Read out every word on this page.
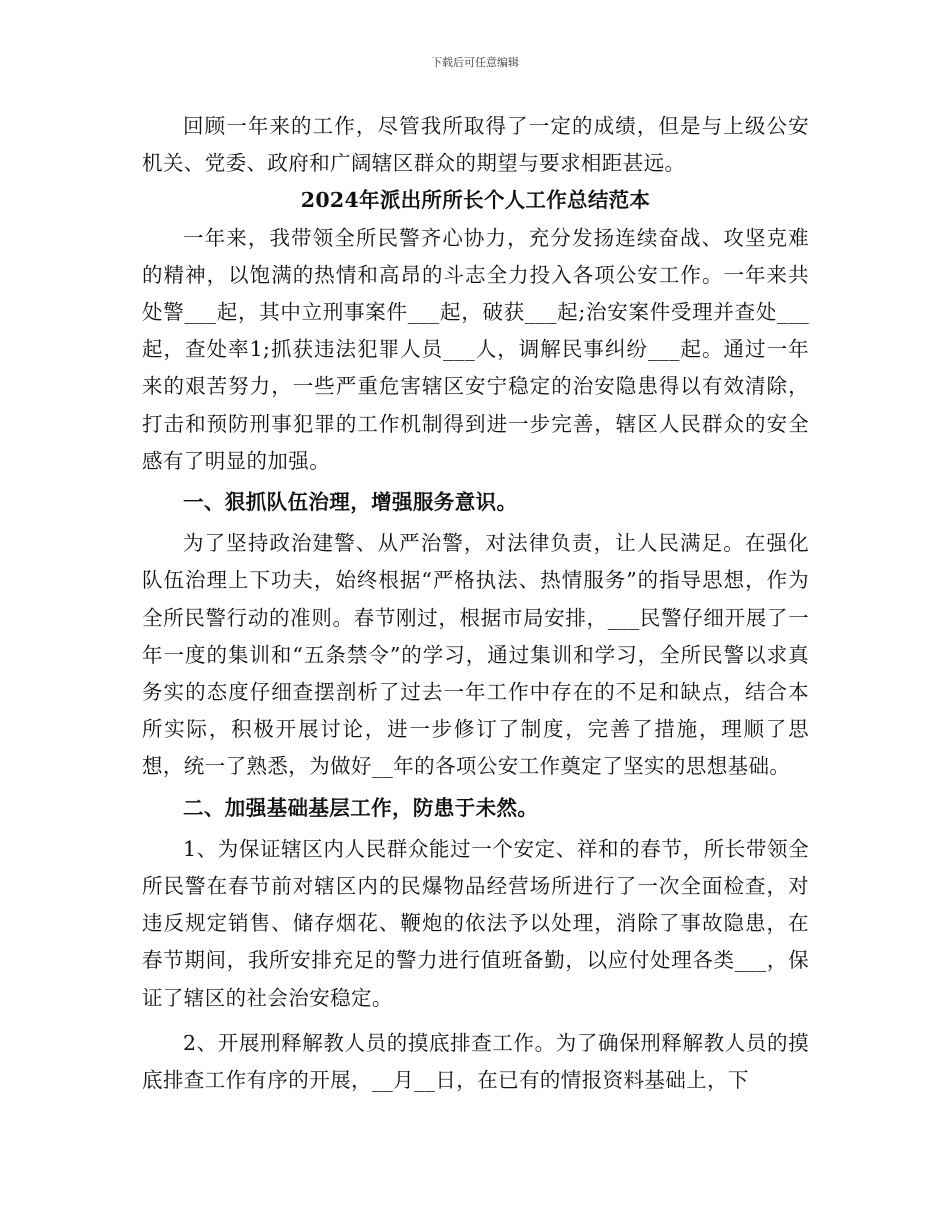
下载后可任意编辑

回顾一年来的工作，尽管我所取得了一定的成绩，但是与上级公安机关、党委、政府和广阔辖区群众的期望与要求相距甚远。

2024年派出所所长个人工作总结范本

一年来，我带领全所民警齐心协力，充分发扬连续奋战、攻坚克难的精神，以饱满的热情和高昂的斗志全力投入各项公安工作。一年来共处警___起，其中立刑事案件___起，破获___起;治安案件受理并查处___起，查处率1;抓获违法犯罪人员___人，调解民事纠纷___起。通过一年来的艰苦努力，一些严重危害辖区安宁稳定的治安隐患得以有效清除，打击和预防刑事犯罪的工作机制得到进一步完善，辖区人民群众的安全感有了明显的加强。

一、狠抓队伍治理，增强服务意识。

为了坚持政治建警、从严治警，对法律负责，让人民满足。在强化队伍治理上下功夫，始终根据“严格执法、热情服务”的指导思想，作为全所民警行动的准则。春节刚过，根据市局安排，___民警仔细开展了一年一度的集训和“五条禁令”的学习，通过集训和学习，全所民警以求真务实的态度仔细查摆剖析了过去一年工作中存在的不足和缺点，结合本所实际，积极开展讨论，进一步修订了制度，完善了措施，理顺了思想，统一了熟悉，为做好__年的各项公安工作奠定了坚实的思想基础。

二、加强基础基层工作，防患于未然。

1、为保证辖区内人民群众能过一个安定、祥和的春节，所长带领全所民警在春节前对辖区内的民爆物品经营场所进行了一次全面检查，对违反规定销售、储存烟花、鞭炮的依法予以处理，消除了事故隐患，在春节期间，我所安排充足的警力进行值班备勤，以应付处理各类___，保证了辖区的社会治安稳定。

2、开展刑释解教人员的摸底排查工作。为了确保刑释解教人员的摸底排查工作有序的开展，__月__日，在已有的情报资料基础上，下
